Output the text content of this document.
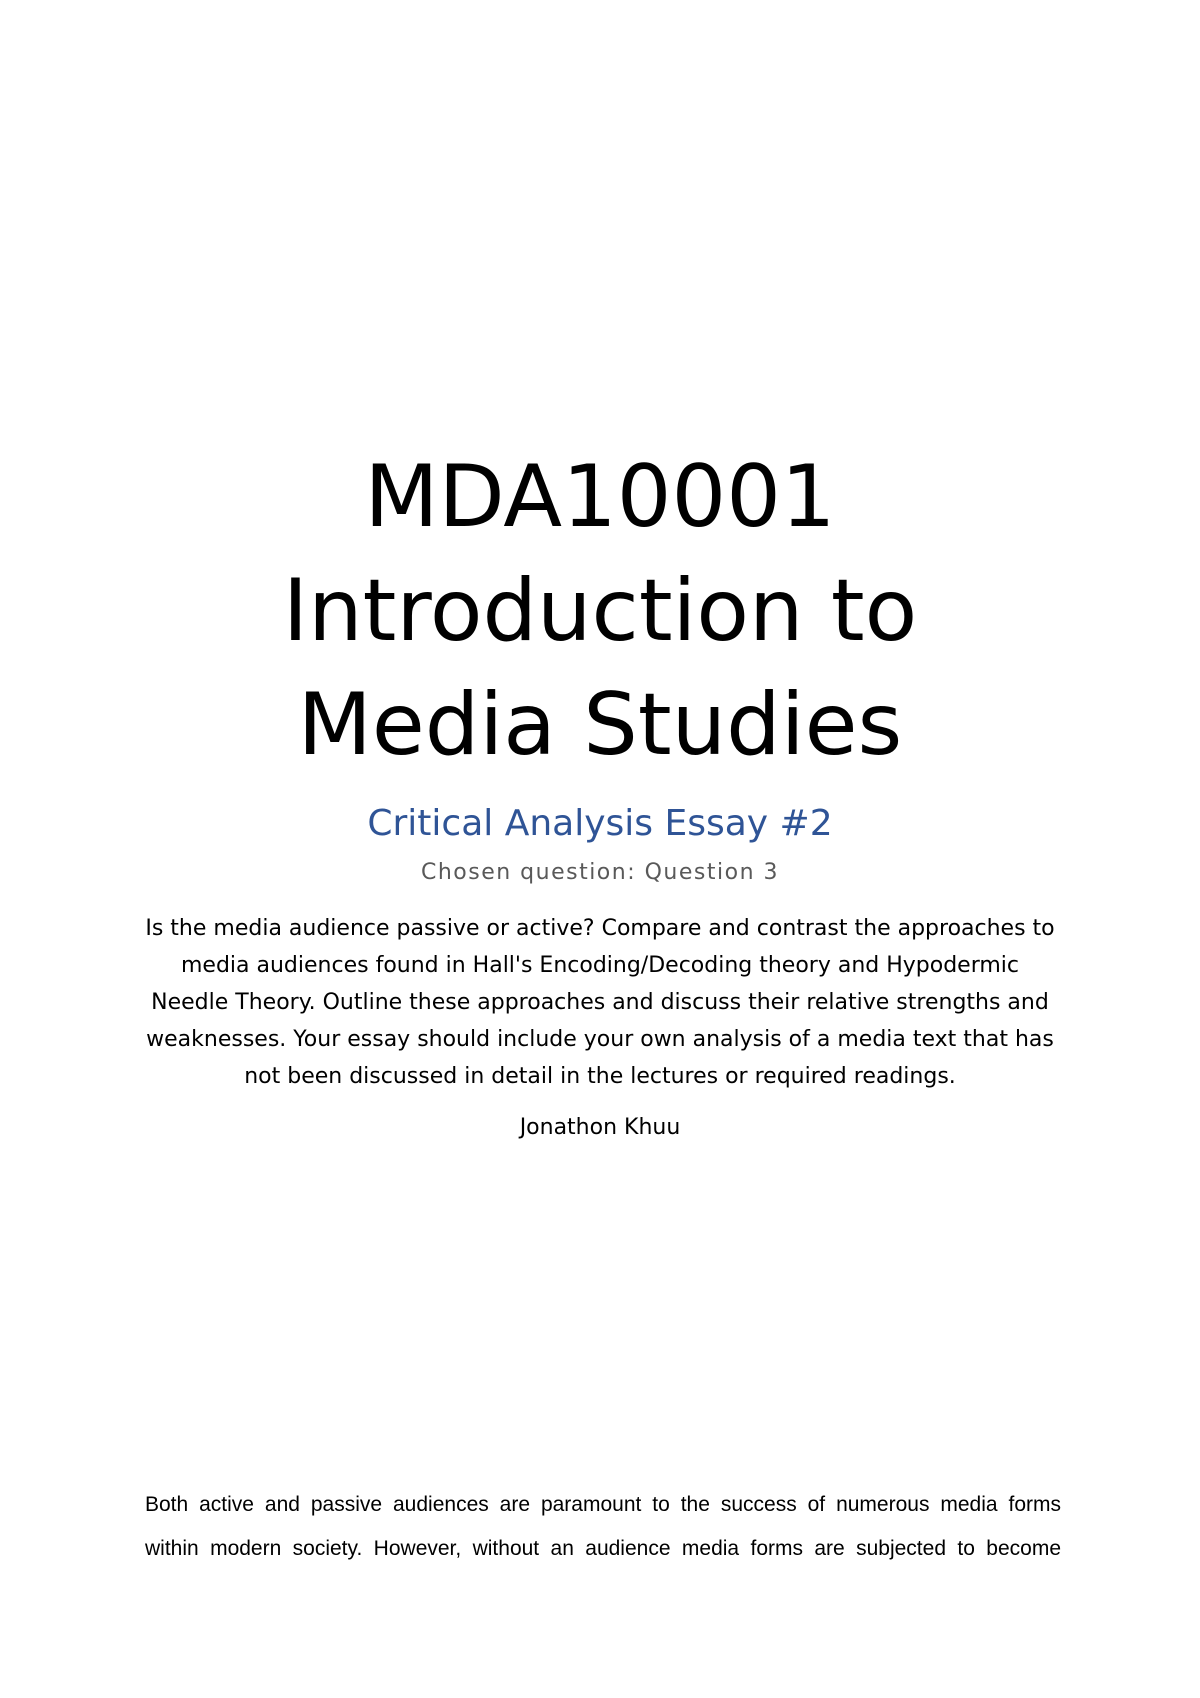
MDA10001
Introduction to
Media Studies
Critical Analysis Essay #2
Chosen question: Question 3
Is the media audience passive or active? Compare and contrast the approaches to media audiences found in Hall's Encoding/Decoding theory and Hypodermic Needle Theory. Outline these approaches and discuss their relative strengths and weaknesses. Your essay should include your own analysis of a media text that has not been discussed in detail in the lectures or required readings.
Jonathon Khuu
Both active and passive audiences are paramount to the success of numerous media forms
within modern society. However, without an audience media forms are subjected to become
